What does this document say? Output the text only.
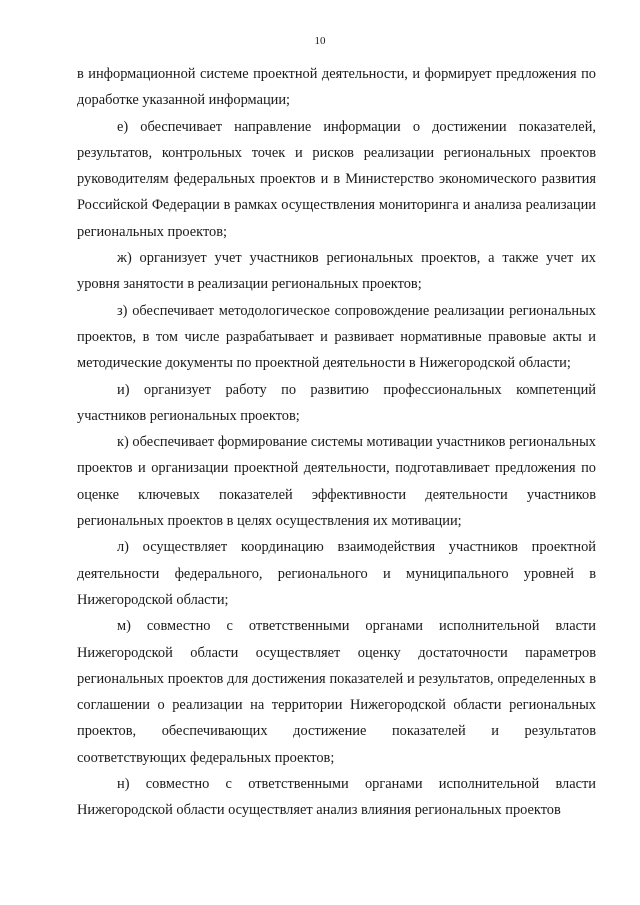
10

в информационной системе проектной деятельности, и формирует предложения по доработке указанной информации;

е) обеспечивает направление информации о достижении показателей, результатов, контрольных точек и рисков реализации региональных проектов руководителям федеральных проектов и в Министерство экономического развития Российской Федерации в рамках осуществления мониторинга и анализа реализации региональных проектов;

ж) организует учет участников региональных проектов, а также учет их уровня занятости в реализации региональных проектов;

з) обеспечивает методологическое сопровождение реализации региональных проектов, в том числе разрабатывает и развивает нормативные правовые акты и методические документы по проектной деятельности в Нижегородской области;

и) организует работу по развитию профессиональных компетенций участников региональных проектов;

к) обеспечивает формирование системы мотивации участников региональных проектов и организации проектной деятельности, подготавливает предложения по оценке ключевых показателей эффективности деятельности участников региональных проектов в целях осуществления их мотивации;

л) осуществляет координацию взаимодействия участников проектной деятельности федерального, регионального и муниципального уровней в Нижегородской области;

м) совместно с ответственными органами исполнительной власти Нижегородской области осуществляет оценку достаточности параметров региональных проектов для достижения показателей и результатов, определенных в соглашении о реализации на территории Нижегородской области региональных проектов, обеспечивающих достижение показателей и результатов соответствующих федеральных проектов;

н) совместно с ответственными органами исполнительной власти Нижегородской области осуществляет анализ влияния региональных проектов
